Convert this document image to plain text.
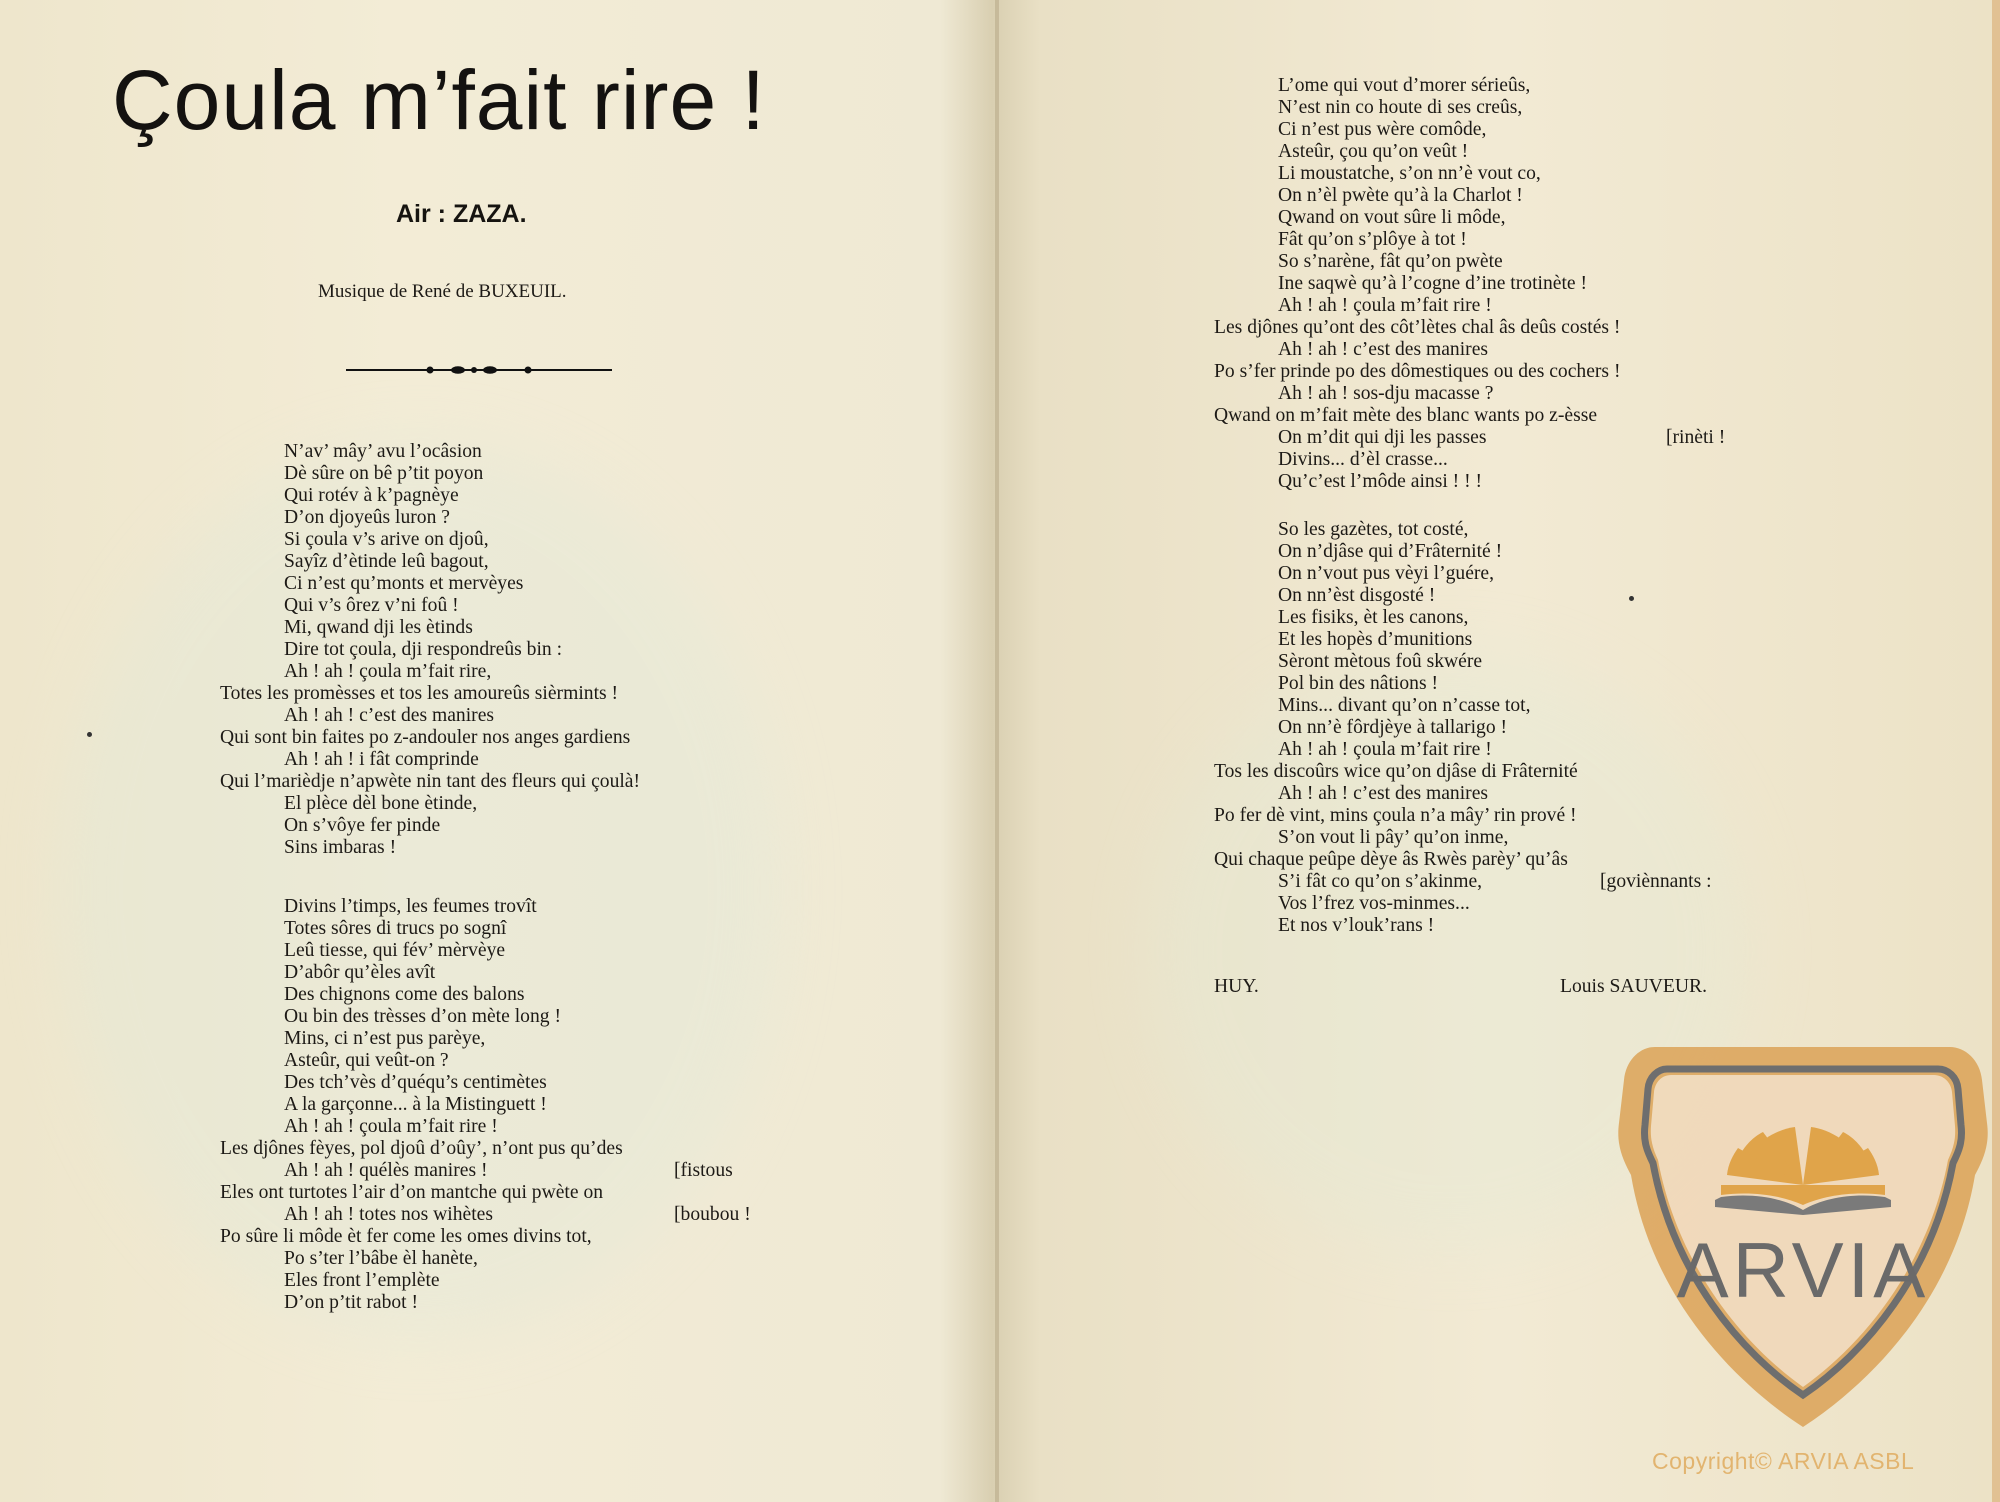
Çoula m’fait rire !
Air : ZAZA.
Musique de René de BUXEUIL.
N’av’ mây’ avu l’ocâsion
Dè sûre on bê p’tit poyon
Qui rotév à k’pagnèye
D’on djoyeûs luron ?
Si çoula v’s arive on djoû,
Sayîz d’ètinde leû bagout,
Ci n’est qu’monts et mervèyes
Qui v’s ôrez v’ni foû !
Mi, qwand dji les ètinds
Dire tot çoula, dji respondreûs bin :
Ah ! ah ! çoula m’fait rire,
Totes les promèsses et tos les amoureûs sièrmints !
Ah ! ah ! c’est des manires
Qui sont bin faites po z-andouler nos anges gardiens
Ah ! ah ! i fât comprinde
Qui l’marièdje n’apwète nin tant des fleurs qui çoulà!
El plèce dèl bone ètinde,
On s’vôye fer pinde
Sins imbaras !
Divins l’timps, les feumes trovît
Totes sôres di trucs po sognî
Leû tiesse, qui fév’ mèrvèye
D’abôr qu’èles avît
Des chignons come des balons
Ou bin des trèsses d’on mète long !
Mins, ci n’est pus parèye,
Asteûr, qui veût-on ?
Des tch’vès d’quéqu’s centimètes
A la garçonne... à la Mistinguett !
Ah ! ah ! çoula m’fait rire !
Les djônes fèyes, pol djoû d’oûy’, n’ont pus qu’des
Ah ! ah ! quélès manires !	[fistous
Eles ont turtotes l’air d’on mantche qui pwète on
Ah ! ah ! totes nos wihètes	[boubou !
Po sûre li môde èt fer come les omes divins tot,
Po s’ter l’bâbe èl hanète,
Eles front l’emplète
D’on p’tit rabot !
L’ome qui vout d’morer sérieûs,
N’est nin co houte di ses creûs,
Ci n’est pus wère comôde,
Asteûr, çou qu’on veût !
Li moustatche, s’on nn’è vout co,
On n’èl pwète qu’à la Charlot !
Qwand on vout sûre li môde,
Fât qu’on s’plôye à tot !
So s’narène, fât qu’on pwète
Ine saqwè qu’à l’cogne d’ine trotinète !
Ah ! ah ! çoula m’fait rire !
Les djônes qu’ont des côt’lètes chal âs deûs costés !
Ah ! ah ! c’est des manires
Po s’fer prinde po des dômestiques ou des cochers !
Ah ! ah ! sos-dju macasse ?
Qwand on m’fait mète des blanc wants po z-èsse
On m’dit qui dji les passes	[rinèti !
Divins... d’èl crasse...
Qu’c’est l’môde ainsi ! ! !
So les gazètes, tot costé,
On n’djâse qui d’Frâternité !
On n’vout pus vèyi l’guére,
On nn’èst disgosté !
Les fisiks, èt les canons,
Et les hopès d’munitions
Sèront mètous foû skwére
Pol bin des nâtions !
Mins... divant qu’on n’casse tot,
On nn’è fôrdjèye à tallarigo !
Ah ! ah ! çoula m’fait rire !
Tos les discoûrs wice qu’on djâse di Frâternité
Ah ! ah ! c’est des manires
Po fer dè vint, mins çoula n’a mây’ rin prové !
S’on vout li pây’ qu’on inme,
Qui chaque peûpe dèye âs Rwès parèy’ qu’âs
S’i fât co qu’on s’akinme,	[goviènnants :
Vos l’frez vos-minmes...
Et nos v’louk’rans !
HUY.	Louis SAUVEUR.
ARVIA
Copyright© ARVIA ASBL
